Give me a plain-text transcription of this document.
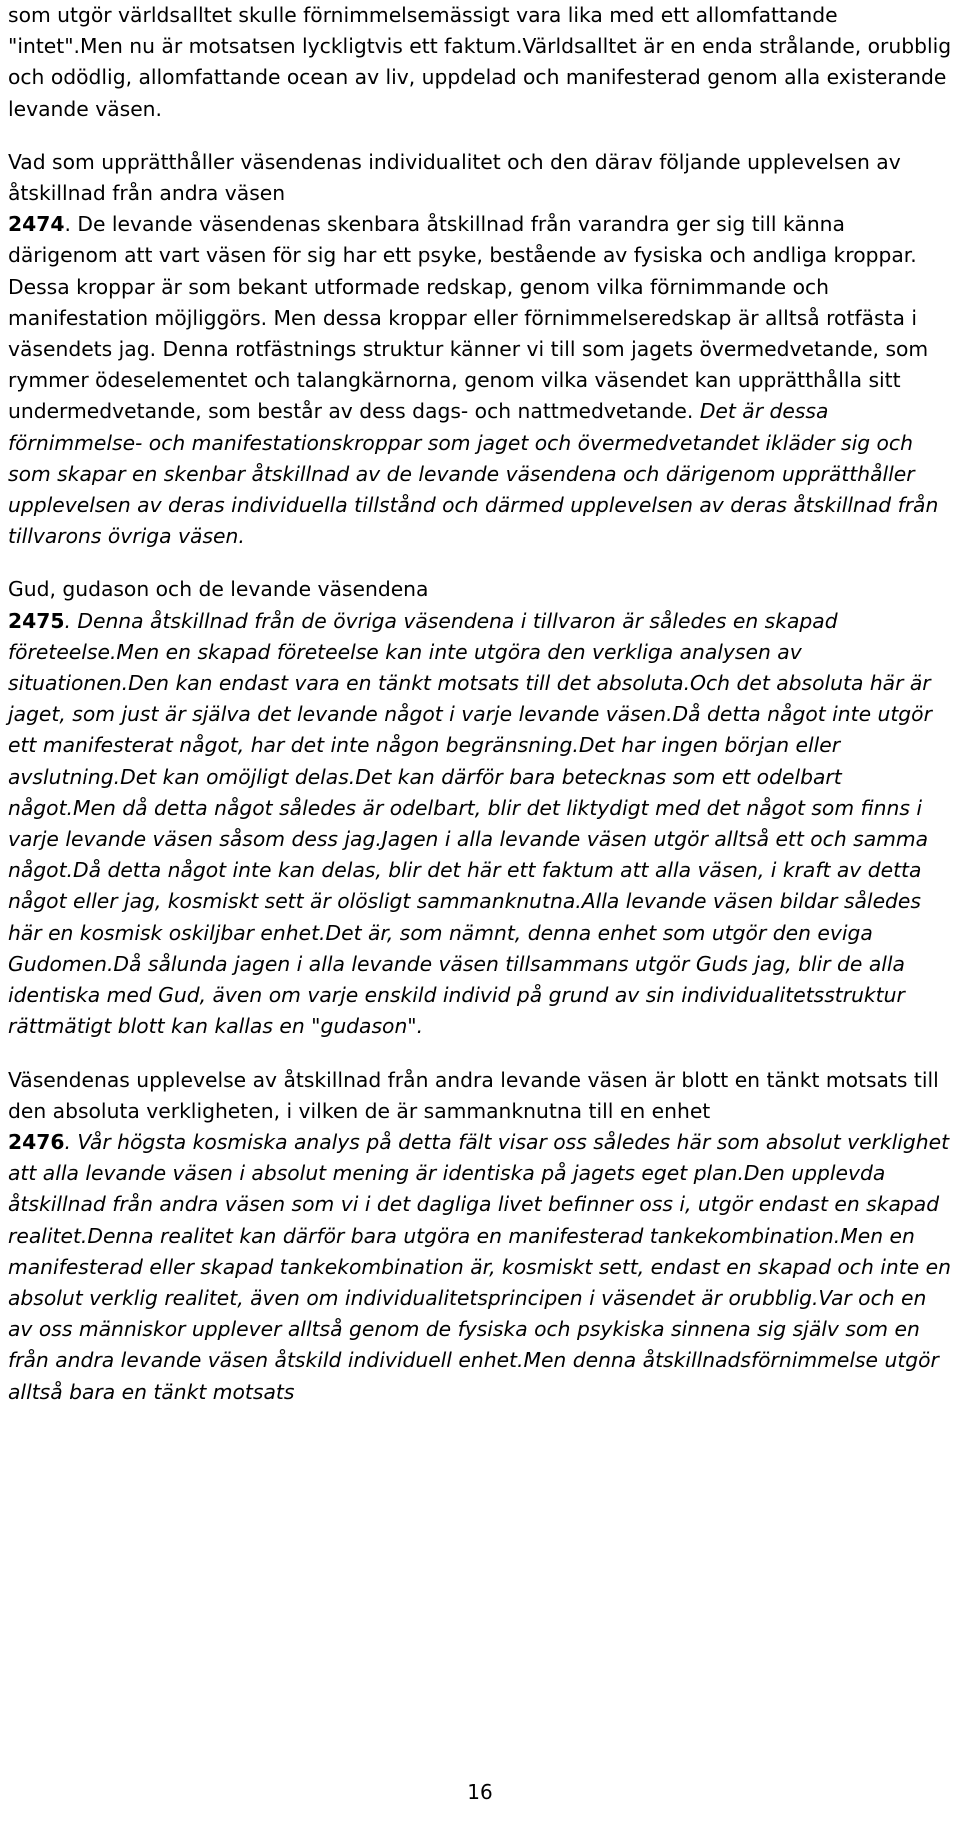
som utgör världsalltet skulle förnimmelsemässigt vara lika med ett allomfattande "intet".Men nu är motsatsen lyckligtvis ett faktum.Världsalltet är en enda strålande, orubblig och odödlig, allomfattande ocean av liv, uppdelad och manifesterad genom alla existerande levande väsen.

Vad som upprätthåller väsendenas individualitet och den därav följande upplevelsen av åtskillnad från andra väsen

2474. De levande väsendenas skenbara åtskillnad från varandra ger sig till känna därigenom att vart väsen för sig har ett psyke, bestående av fysiska och andliga kroppar. Dessa kroppar är som bekant utformade redskap, genom vilka förnimmande och manifestation möjliggörs. Men dessa kroppar eller förnimmelseredskap är alltså rotfästa i väsendets jag. Denna rotfästnings struktur känner vi till som jagets övermedvetande, som rymmer ödeselementet och talangkärnorna, genom vilka väsendet kan upprätthålla sitt undermedvetande, som består av dess dags- och nattmedvetande. Det är dessa förnimmelse- och manifestationskroppar som jaget och övermedvetandet ikläder sig och som skapar en skenbar åtskillnad av de levande väsendena och därigenom upprätthåller upplevelsen av deras individuella tillstånd och därmed upplevelsen av deras åtskillnad från tillvarons övriga väsen.

Gud, gudason och de levande väsendena

2475. Denna åtskillnad från de övriga väsendena i tillvaron är således en skapad företeelse.Men en skapad företeelse kan inte utgöra den verkliga analysen av situationen.Den kan endast vara en tänkt motsats till det absoluta.Och det absoluta här är jaget, som just är själva det levande något i varje levande väsen.Då detta något inte utgör ett manifesterat något, har det inte någon begränsning.Det har ingen början eller avslutning.Det kan omöjligt delas.Det kan därför bara betecknas som ett odelbart något.Men då detta något således är odelbart, blir det liktydigt med det något som finns i varje levande väsen såsom dess jag.Jagen i alla levande väsen utgör alltså ett och samma något.Då detta något inte kan delas, blir det här ett faktum att alla väsen, i kraft av detta något eller jag, kosmiskt sett är olösligt sammanknutna.Alla levande väsen bildar således här en kosmisk oskiljbar enhet.Det är, som nämnt, denna enhet som utgör den eviga Gudomen.Då sålunda jagen i alla levande väsen tillsammans utgör Guds jag, blir de alla identiska med Gud, även om varje enskild individ på grund av sin individualitetsstruktur rättmätigt blott kan kallas en "gudason".

Väsendenas upplevelse av åtskillnad från andra levande väsen är blott en tänkt motsats till den absoluta verkligheten, i vilken de är sammanknutna till en enhet

2476. Vår högsta kosmiska analys på detta fält visar oss således här som absolut verklighet att alla levande väsen i absolut mening är identiska på jagets eget plan.Den upplevda åtskillnad från andra väsen som vi i det dagliga livet befinner oss i, utgör endast en skapad realitet.Denna realitet kan därför bara utgöra en manifesterad tankekombination.Men en manifesterad eller skapad tankekombination är, kosmiskt sett, endast en skapad och inte en absolut verklig realitet, även om individualitetsprincipen i väsendet är orubblig.Var och en av oss människor upplever alltså genom de fysiska och psykiska sinnena sig själv som en från andra levande väsen åtskild individuell enhet.Men denna åtskillnadsförnimmelse utgör alltså bara en tänkt motsats

16
